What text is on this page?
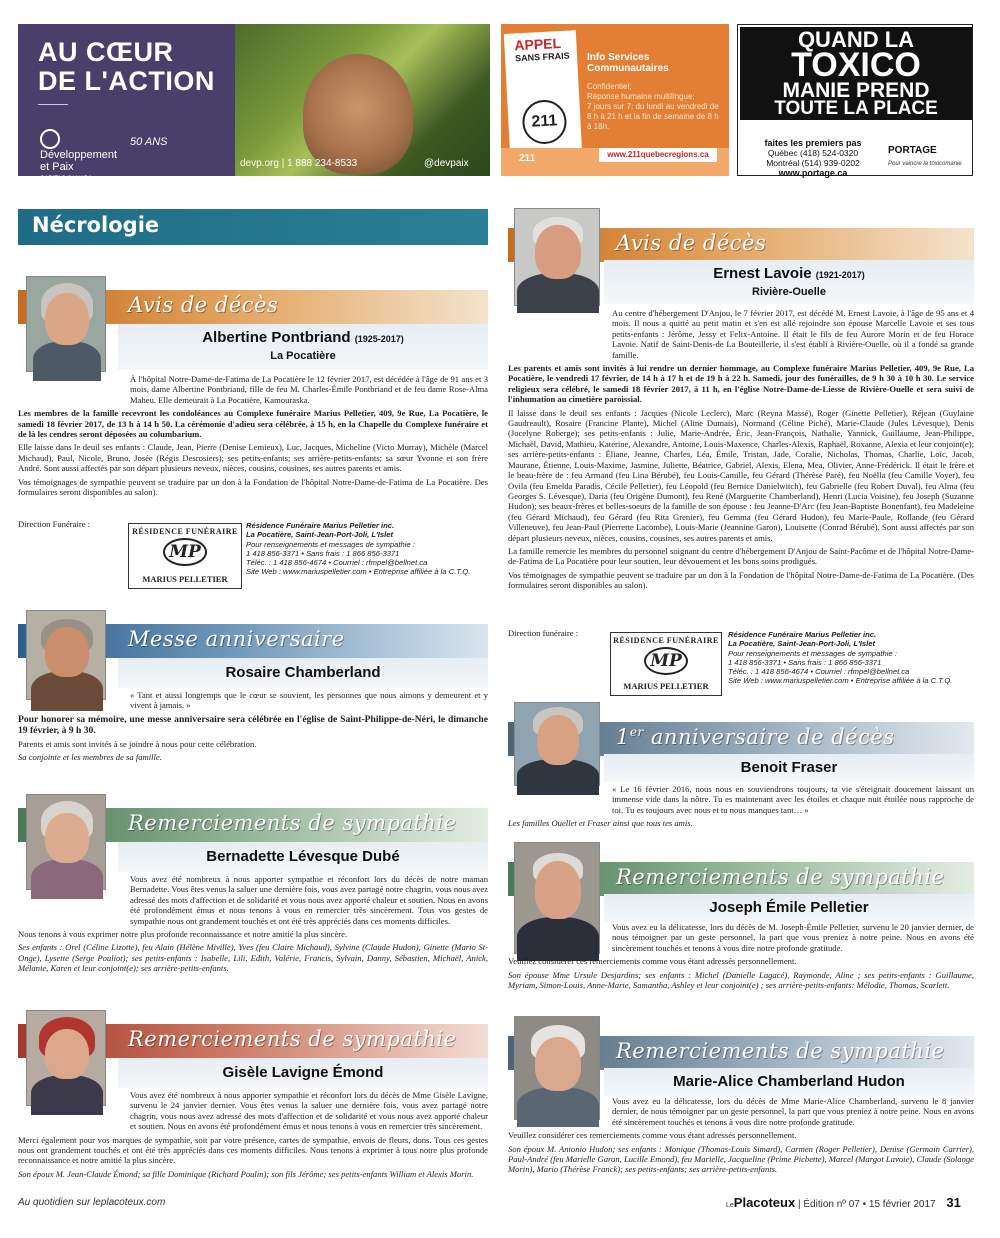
AU CŒUR
DE L'ACTION
Développement
et Paix
CARITAS CANADA
50 ANS
devp.org | 1 888 234-8533	@devpaix
APPEL
SANS FRAIS
211
Info Services Communautaires
Confidentiel;
Réponse humaine multilingue;
7 jours sur 7: du lundi au vendredi de 8 h à 21 h et la fin de semaine de 8 h à 18h.
211	www.211quebecregions.ca
QUAND LA
TOXICO
MANIE PREND
TOUTE LA PLACE
faites les premiers pas
Québec (418) 524-0320
Montréal (514) 939-0202
www.portage.ca
PORTAGE
Pour vaincre la toxicomanie
Nécrologie
Avis de décès
Albertine Pontbriand (1925-2017)
La Pocatière

À l'hôpital Notre-Dame-de-Fatima de La Pocatière le 12 février 2017, est décédée à l'âge de 91 ans et 3 mois, dame Albertine Pontbriand, fille de feu M. Charles-Émile Pontbriand et de feu dame Rose-Alma Maheu. Elle demeurait à La Pocatière, Kamouraska.

Les membres de la famille recevront les condoléances au Complexe funéraire Marius Pelletier, 409, 9e Rue, La Pocatière, le samedi 18 février 2017, de 13 h à 14 h 50. La cérémonie d'adieu sera célébrée, à 15 h, en la Chapelle du Complexe funéraire et de là les cendres seront déposées au columbarium.

Elle laisse dans le deuil ses enfants : Claude, Jean, Pierre (Denise Lemieux), Luc, Jacques, Micheline (Victo Murray), Michèle (Marcel Michaud), Paul, Nicole, Bruno, Josée (Régis Desrosiers); ses petits-enfants; ses arrière-petits-enfants; sa sœur Yvonne et son frère André. Sont aussi affectés par son départ plusieurs neveux, nièces, cousins, cousines, ses autres parents et amis.

Vos témoignages de sympathie peuvent se traduire par un don à la Fondation de l'hôpital Notre-Dame-de-Fatima de La Pocatière. Des formulaires seront disponibles au salon).

Direction Funéraire :
RÉSIDENCE FUNÉRAIRE
MP
MARIUS PELLETIER
Résidence Funéraire Marius Pelletier inc.
La Pocatière, Saint-Jean-Port-Joli, L'Islet
Pour renseignements et messages de sympathie :
1 418 856-3371 • Sans frais : 1 866 856-3371
Téléc. : 1 418 856-4674 • Courriel : rfmpel@bellnet.ca
Site Web : www.mariuspelletier.com • Entreprise affiliée à la C.T.Q.
Messe anniversaire
Rosaire Chamberland

« Tant et aussi longtemps que le cœur se souvient, les personnes que nous aimons y demeurent et y vivent à jamais. »

Pour honorer sa mémoire, une messe anniversaire sera célébrée en l'église de Saint-Philippe-de-Néri, le dimanche 19 février, à 9 h 30.

Parents et amis sont invités à se joindre à nous pour cette célébration.

Sa conjointe et les membres de sa famille.

Remerciements de sympathie
Bernadette Lévesque Dubé

Vous avez été nombreux à nous apporter sympathie et réconfort lors du décès de notre maman Bernadette. Vous êtes venus la saluer une dernière fois, vous avez partagé notre chagrin, vous nous avez adressé des mots d'affection et de solidarité et vous nous avez apporté chaleur et soutien. Nous en avons été profondément émus et nous tenons à vous en remercier très sincèrement. Tous vos gestes de sympathie nous ont grandement touchés et ont été très appréciés dans ces moments difficiles.

Nous tenons à vous exprimer notre plus profonde reconnaissance et notre amitié la plus sincère.

Ses enfants : Orel (Céline Lizotte), feu Alain (Hélène Miville), Yves (feu Claire Michaud), Sylvine (Claude Hudon), Ginette (Mario St-Onge), Lysette (Serge Pouliot); ses petits-enfants : Isabelle, Lili, Edith, Valérie, Francis, Sylvain, Danny, Sébastien, Michaël, Anick, Mélanie, Karen et leur conjoint(e); ses arrière-petits-enfants.

Remerciements de sympathie
Gisèle Lavigne Émond

Vous avez été nombreux à nous apporter sympathie et réconfort lors du décès de Mme Gisèle Lavigne, survenu le 24 janvier dernier. Vous êtes venus la saluer une dernière fois, vous avez partagé notre chagrin, vous nous avez adressé des mots d'affection et de solidarité et vous nous avez apporté chaleur et soutien. Nous en avons été profondément émus et nous tenons à vous en remercier très sincèrement.

Merci également pour vos marques de sympathie, soit par votre présence, cartes de sympathie, envois de fleurs, dons. Tous ces gestes nous ont grandement touchés et ont été très appréciés dans ces moments difficiles. Nous tenons à exprimer à tous notre plus profonde reconnaissance et notre amitié la plus sincère.

Son époux M. Jean-Claude Émond; sa fille Dominique (Richard Poulin); son fils Jérôme; ses petits-enfants William et Alexis Morin.

Avis de décès
Ernest Lavoie (1921-2017)
Rivière-Ouelle

Au centre d'hébergement D'Anjou, le 7 février 2017, est décédé M. Ernest Lavoie, à l'âge de 95 ans et 4 mois. Il nous a quitté au petit matin et s'en est allé rejoindre son épouse Marcelle Lavoie et ses tous petits-enfants : Jérôme, Jessy et Felix-Antoine. Il était le fils de feu Aurore Morin et de feu Horace Lavoie. Natif de Saint-Denis-de La Bouteillerie, il s'est établi à Rivière-Ouelle, où il a fondé sa grande famille.

Les parents et amis sont invités à lui rendre un dernier hommage, au Complexe funéraire Marius Pelletier, 409, 9e Rue, La Pocatière, le vendredi 17 février, de 14 h à 17 h et de 19 h à 22 h. Samedi, jour des funérailles, de 9 h 30 à 10 h 30. Le service religieux sera célébré, le samedi 18 février 2017, à 11 h, en l'église Notre-Dame-de-Liesse de Rivière-Ouelle et sera suivi de l'inhumation au cimetière paroissial.

Il laisse dans le deuil ses enfants : Jacques (Nicole Leclerc), Marc (Reyna Massé), Roger (Ginette Pelletier), Réjean (Guylaine Gaudreault), Rosaire (Francine Plante), Michel (Aline Dumais), Normand (Céline Piché), Marie-Claude (Jules Lévesque), Denis (Jocelyne Roberge); ses petits-enfants : Julie, Marie-Andrée, Éric, Jean-François, Nathalie, Yannick, Guillaume, Jean-Philippe, Michaël, David, Mathieu, Katerine, Alexandre, Antoine, Louis-Maxence, Charles-Alexis, Raphaël, Roxanne, Alexia et leur conjoint(e); ses arrière-petits-enfants : Éliane, Jeanne, Charles, Léa, Émile, Tristan, Jade, Coralie, Nicholas, Thomas, Charlie, Loïc, Jacob, Maurane, Étienne, Louis-Maxime, Jasmine, Juliette, Béatrice, Gabriel, Alexis, Elena, Mea, Olivier, Anne-Frédérick. Il était le frère et le beau-frère de : feu Armand (feu Lina Bérubé), feu Louis-Camille, feu Gérard (Thérèse Paré), feu Noëlla (feu Camille Voyer), feu Ovila (feu Emelda Paradis, Cécile Pelletier), feu Léopold (feu Bernice Danielwitch), feu Gabrielle (feu Robert Duval), feu Alma (feu Georges S. Lévesque), Daria (feu Origène Dumont), feu René (Marguerite Chamberland), Henri (Lucia Voisine), feu Joseph (Suzanne Hudon); ses beaux-frères et belles-soeurs de la famille de son épouse : feu Jeanne-D'Arc (feu Jean-Baptiste Bonenfant), feu Madeleine (feu Gérard Michaud), feu Gérard (feu Rita Grenier), feu Gemma (feu Gérard Hudon), feu Marie-Paule, Rollande (feu Gérard Villeneuve), feu Jean-Paul (Pierrette Lacombe), Louis-Marie (Jeannine Garon), Louisette (Conrad Bérubé). Sont aussi affectés par son départ plusieurs neveux, nièces, cousins, cousines, ses autres parents et amis.

La famille remercie les membres du personnel soignant du centre d'hébergement D'Anjou de Saint-Pacôme et de l'hôpital Notre-Dame-de-Fatima de La Pocatière pour leur soutien, leur dévouement et les bons soins prodigués.

Vos témoignages de sympathie peuvent se traduire par un don à la Fondation de l'hôpital Notre-Dame-de-Fatima de La Pocatière. (Des formulaires seront disponibles au salon).

Direction funéraire :
RÉSIDENCE FUNÉRAIRE
MP
MARIUS PELLETIER
Résidence Funéraire Marius Pelletier inc.
La Pocatière, Saint-Jean-Port-Joli, L'Islet
Pour renseignements et messages de sympathie :
1 418 856-3371 • Sans frais : 1 866 856-3371
Téléc. : 1 418 856-4674 • Courriel : rfmpel@bellnet.ca
Site Web : www.mariuspelletier.com • Entreprise affiliée à la C.T.Q.
1er anniversaire de décès
Benoit Fraser

« Le 16 février 2016, nous nous en souviendrons toujours, ta vie s'éteignait doucement laissant un immense vide dans la nôtre. Tu es maintenant avec les étoiles et chaque nuit étoilée nous rapproche de toi. Tu es toujours avec nous et tu nous manques tant… »

Les familles Ouellet et Fraser ainsi que tous tes amis.

Remerciements de sympathie
Joseph Émile Pelletier

Vous avez eu la délicatesse, lors du décès de M. Joseph-Émile Pelletier, survenu le 20 janvier dernier, de nous témoigner par un geste personnel, la part que vous preniez à notre peine. Nous en avons été sincèrement touchés et tenons à vous dire notre profonde gratitude.

Veuillez considérer ces remerciements comme vous étant adressés personnellement.

Son épouse Mme Ursule Desjardins; ses enfants : Michel (Danielle Lagacé), Raymonde, Aline ; ses petits-enfants : Guillaume, Myriam, Simon-Louis, Anne-Marie, Samantha, Ashley et leur conjoint(e) ; ses arrière-petits-enfants: Mélodie, Thomas, Scarlett.

Remerciements de sympathie
Marie-Alice Chamberland Hudon

Vous avez eu la délicatesse, lors du décès de Mme Marie-Alice Chamberland, survenu le 8 janvier dernier, de nous témoigner par un geste personnel, la part que vous preniez à notre peine. Nous en avons été sincèrement touchés et tenons à vous dire notre profonde gratitude.

Veuillez considérer ces remerciements comme vous étant adressés personnellement.

Son époux M. Antonio Hudon; ses enfants : Monique (Thomas-Louis Simard), Carmen (Roger Pelletier), Denise (Germain Carrier), Paul-André (feu Marielle Garon, Lucille Emond), feu Marielle, Jacqueline (Prime Picbette), Marcel (Margot Lavoie), Claude (Solange Morin), Mario (Thérèse Franck); ses petits-enfants; ses arrière-petits-enfants.

Au quotidien sur leplacoteux.com	LePlacoteux | Édition nº 07 • 15 février 2017 31
